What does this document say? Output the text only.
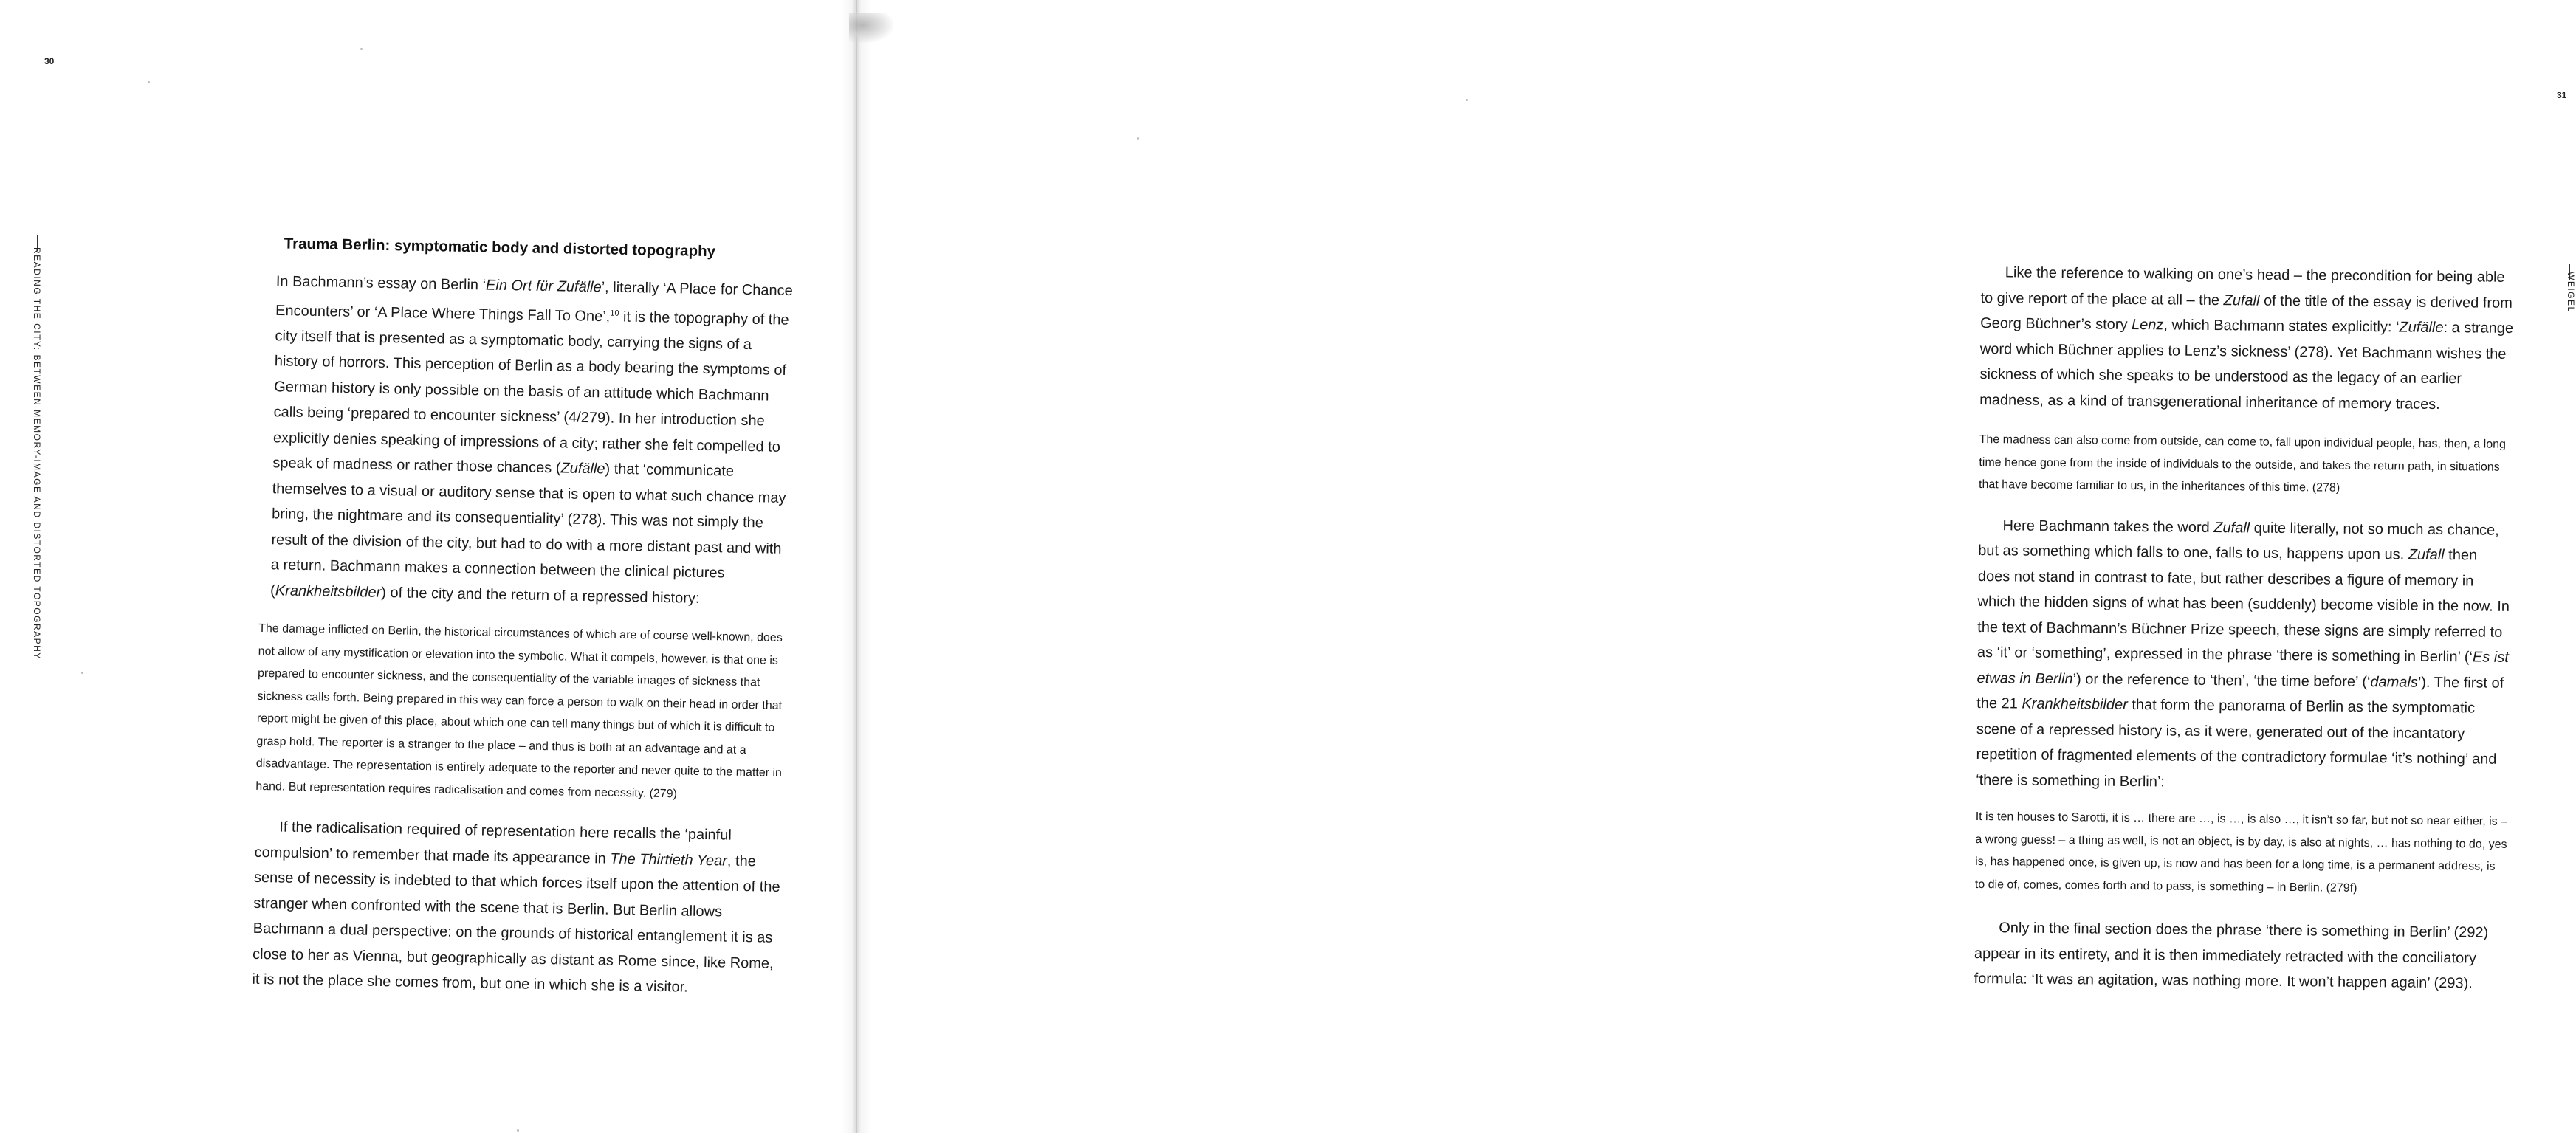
30
READING THE CITY: BETWEEN MEMORY-IMAGE AND DISTORTED TOPOGRAPHY	Trauma Berlin: symptomatic body and distorted topography

In Bachmann’s essay on Berlin ‘Ein Ort für Zufälle’, literally ‘A Place for Chance Encounters’ or ‘A Place Where Things Fall To One’,$^{10}$ it is the topography of the city itself that is presented as a symptomatic body, carrying the signs of a history of horrors. This perception of Berlin as a body bearing the symptoms of German history is only possible on the basis of an attitude which Bachmann calls being ‘prepared to encounter sickness’ (4/279). In her introduction she explicitly denies speaking of impressions of a city; rather she felt compelled to speak of madness or rather those chances (Zufälle) that ‘communicate themselves to a visual or auditory sense that is open to what such chance may bring, the nightmare and its consequentiality’ (278). This was not simply the result of the division of the city, but had to do with a more distant past and with a return. Bachmann makes a connection between the clinical pictures (Krankheitsbilder) of the city and the return of a repressed history:

The damage inflicted on Berlin, the historical circumstances of which are of course well-known, does not allow of any mystification or elevation into the symbolic. What it compels, however, is that one is prepared to encounter sickness, and the consequentiality of the variable images of sickness that sickness calls forth. Being prepared in this way can force a person to walk on their head in order that report might be given of this place, about which one can tell many things but of which it is difficult to grasp hold. The reporter is a stranger to the place – and thus is both at an advantage and at a disadvantage. The representation is entirely adequate to the reporter and never quite to the matter in hand. But representation requires radicalisation and comes from necessity. (279)

If the radicalisation required of representation here recalls the ‘painful compulsion’ to remember that made its appearance in The Thirtieth Year, the sense of necessity is indebted to that which forces itself upon the attention of the stranger when confronted with the scene that is Berlin. But Berlin allows Bachmann a dual perspective: on the grounds of historical entanglement it is as close to her as Vienna, but geographically as distant as Rome since, like Rome, it is not the place she comes from, but one in which she is a visitor.

31
WEIGEL

Like the reference to walking on one’s head – the precondition for being able to give report of the place at all – the Zufall of the title of the essay is derived from Georg Büchner’s story Lenz, which Bachmann states explicitly: ‘Zufälle: a strange word which Büchner applies to Lenz’s sickness’ (278). Yet Bachmann wishes the sickness of which she speaks to be understood as the legacy of an earlier madness, as a kind of transgenerational inheritance of memory traces.

The madness can also come from outside, can come to, fall upon individual people, has, then, a long time hence gone from the inside of individuals to the outside, and takes the return path, in situations that have become familiar to us, in the inheritances of this time. (278)

Here Bachmann takes the word Zufall quite literally, not so much as chance, but as something which falls to one, falls to us, happens upon us. Zufall then does not stand in contrast to fate, but rather describes a figure of memory in which the hidden signs of what has been (suddenly) become visible in the now. In the text of Bachmann’s Büchner Prize speech, these signs are simply referred to as ‘it’ or ‘something’, expressed in the phrase ‘there is something in Berlin’ (‘Es ist etwas in Berlin’) or the reference to ‘then’, ‘the time before’ (‘damals’). The first of the 21 Krankheitsbilder that form the panorama of Berlin as the symptomatic scene of a repressed history is, as it were, generated out of the incantatory repetition of fragmented elements of the contradictory formulae ‘it’s nothing’ and ‘there is something in Berlin’:

It is ten houses to Sarotti, it is … there are …, is …, is also …, it isn’t so far, but not so near either, is – a wrong guess! – a thing as well, is not an object, is by day, is also at nights, … has nothing to do, yes is, has happened once, is given up, is now and has been for a long time, is a permanent address, is to die of, comes, comes forth and to pass, is something – in Berlin. (279f)

Only in the final section does the phrase ‘there is something in Berlin’ (292) appear in its entirety, and it is then immediately retracted with the conciliatory formula: ‘It was an agitation, was nothing more. It won’t happen again’ (293).
